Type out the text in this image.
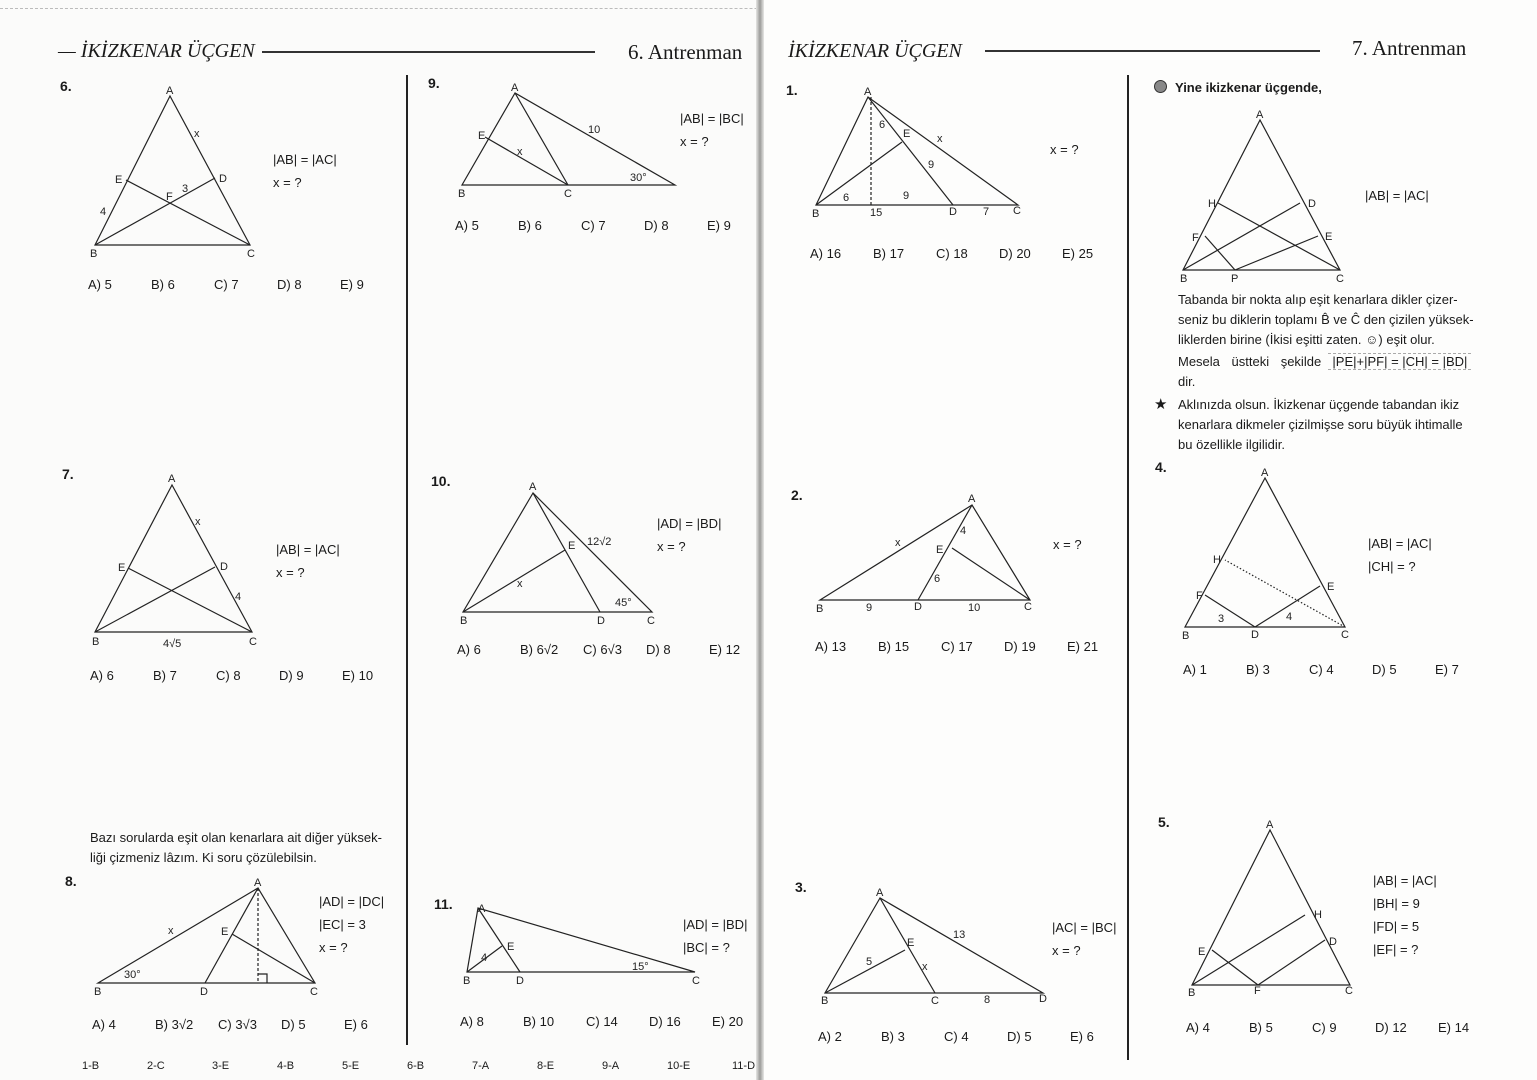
— İKİZKENAR ÜÇGEN	6. Antrenman İKİZKENAR ÜÇGEN	7. Antrenman
6.
7.
8.
9.
10.
11.
1.
2.
3.
4.
5.
|AB| = |AC|
x = ?
A) 5	B) 6	C) 7	D) 8	E) 9
|AB| = |AC|
x = ?
A) 6	B) 7	C) 8	D) 9	E) 10
|AD| = |DC|
|EC| = 3
x = ?
A) 4	B) 3√2	C) 3√3	D) 5	E) 6
|AB| = |BC|
x = ?
A) 5	B) 6	C) 7	D) 8	E) 9
|AD| = |BD|
x = ?
A) 6	B) 6√2	C) 6√3	D) 8	E) 12
|AD| = |BD|
|BC| = ?
A) 8	B) 10	C) 14	D) 16	E) 20
x = ?
A) 16	B) 17	C) 18	D) 20	E) 25
x = ?
A) 13	B) 15	C) 17	D) 19	E) 21
|AC| = |BC|
x = ?
A) 2	B) 3	C) 4	D) 5	E) 6
|AB| = |AC|
|CH| = ?
A) 1	B) 3	C) 4	D) 5	E) 7
|AB| = |AC|
|BH| = 9
|FD| = 5
|EF| = ?
A) 4	B) 5	C) 9	D) 12	E) 14
Bazı sorularda eşit olan kenarlara ait diğer yüksek-
liği çizmeniz lâzım. Ki soru çözülebilsin.
Yine ikizkenar üçgende,
|AB| = |AC|
Tabanda bir nokta alıp eşit kenarlara dikler çizer-
seniz bu diklerin toplamı B̂ ve Ĉ den çizilen yüksek-
liklerden birine (İkisi eşitti zaten. ☺) eşit olur.
Mesela üstteki şekilde |PE|+|PF| = |CH| = |BD|
dir.
★ Aklınızda olsun. İkizkenar üçgende tabandan ikiz
kenarlara dikmeler çizilmişse soru büyük ihtimalle
bu özellikle ilgilidir.
1-B	2-C	3-E	4-B	5-E	6-B	7-A	8-E	9-A	10-E	11-D
A
B	C
E	D
F
x
3
4
A
B	C
E	D
x
4
4√5
A
B	D	C
E
x
30°
A
B	C
E	10
x
30°
A
B	D	C
E 12√2
x
45°
A
B	D	C
E
4
15°
A
B	D	C
E
6
x
9
6	9
15	7
A
B	D	C
E
x
4
6
9	10
A
B	C	D
E
5	x
13
8
A
B	C
P
H	D
F	E
A
B	D	C
H
F
E
3	4
A
B	F	C
E
H
D
